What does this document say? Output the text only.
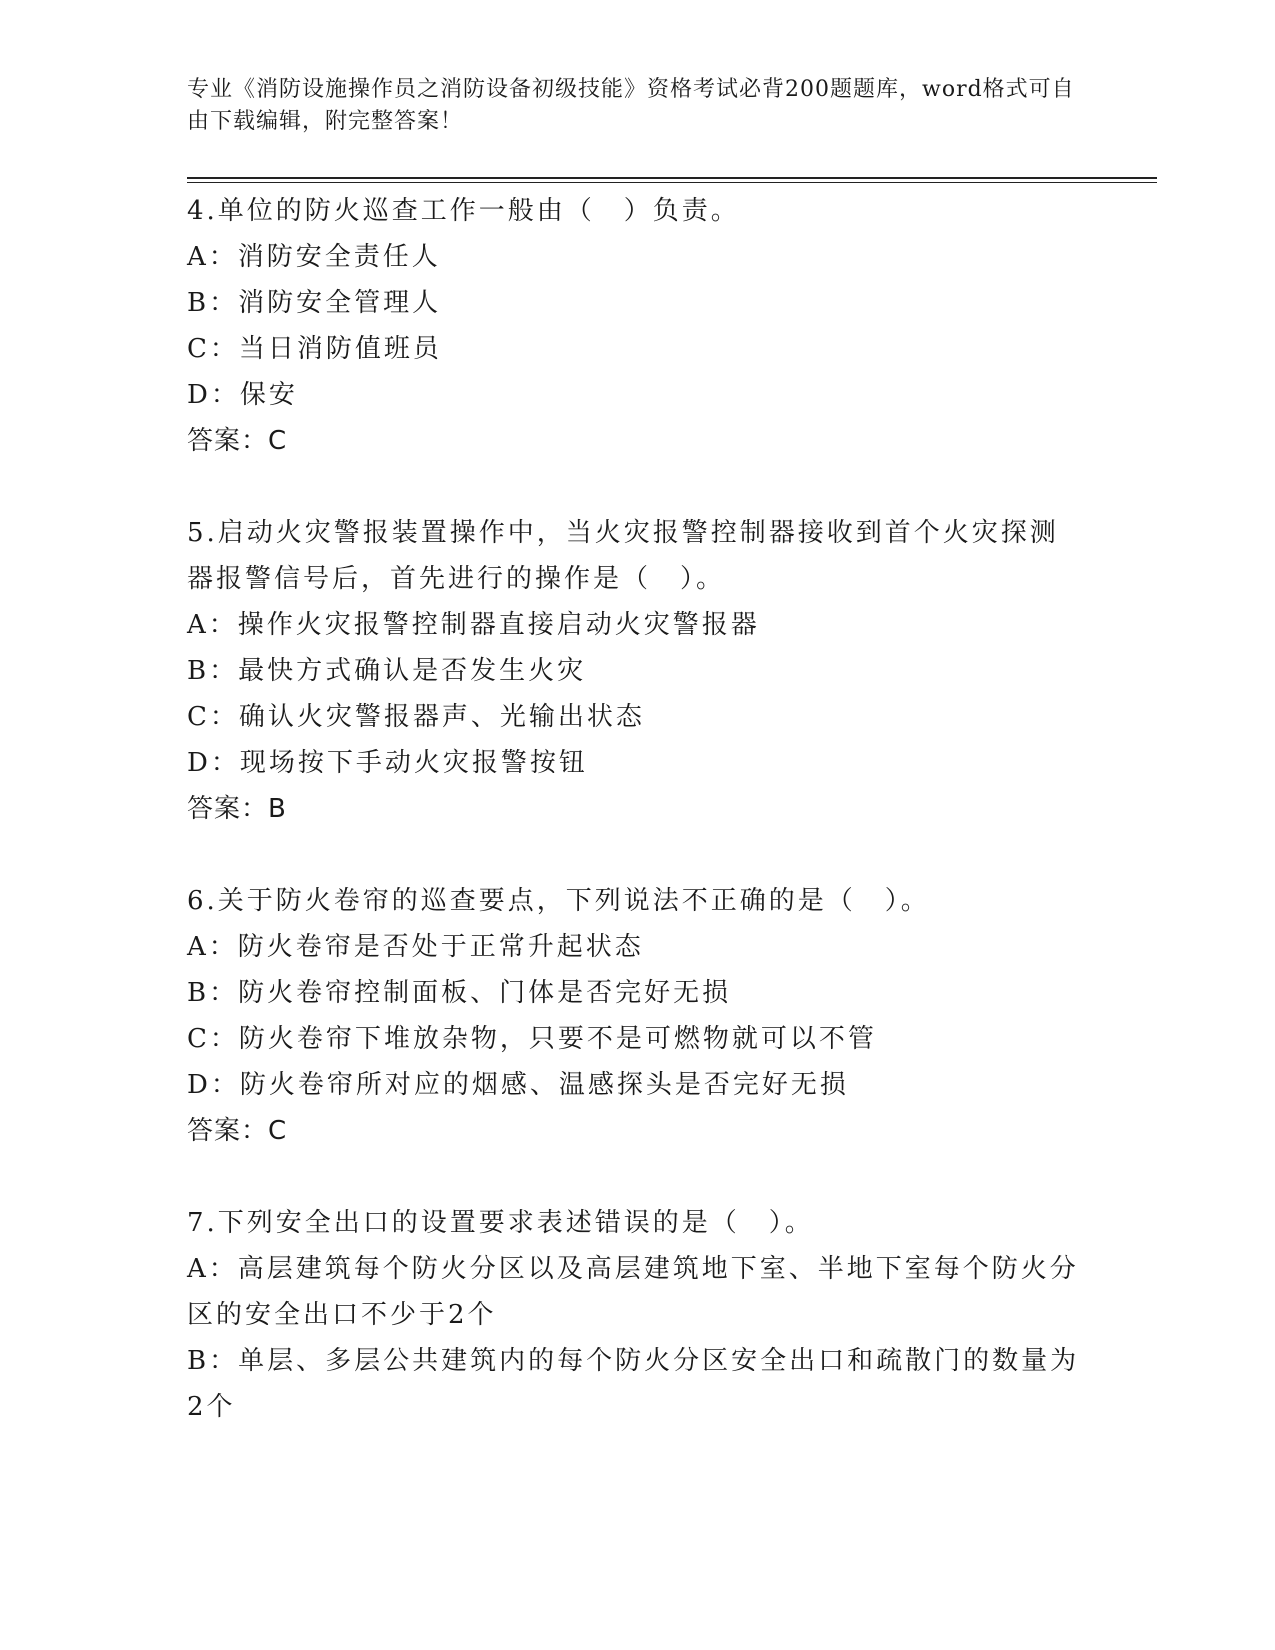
专业《消防设施操作员之消防设备初级技能》资格考试必背200题题库，word格式可自由下载编辑，附完整答案！

4.单位的防火巡查工作一般由（　）负责。

A：消防安全责任人

B：消防安全管理人

C：当日消防值班员

D：保安

答案：C

5.启动火灾警报装置操作中，当火灾报警控制器接收到首个火灾探测器报警信号后，首先进行的操作是（　）。

A：操作火灾报警控制器直接启动火灾警报器

B：最快方式确认是否发生火灾

C：确认火灾警报器声、光输出状态

D：现场按下手动火灾报警按钮

答案：B

6.关于防火卷帘的巡查要点，下列说法不正确的是（　）。

A：防火卷帘是否处于正常升起状态

B：防火卷帘控制面板、门体是否完好无损

C：防火卷帘下堆放杂物，只要不是可燃物就可以不管

D：防火卷帘所对应的烟感、温感探头是否完好无损

答案：C

7.下列安全出口的设置要求表述错误的是（　）。

A：高层建筑每个防火分区以及高层建筑地下室、半地下室每个防火分区的安全出口不少于2个

B：单层、多层公共建筑内的每个防火分区安全出口和疏散门的数量为2个
